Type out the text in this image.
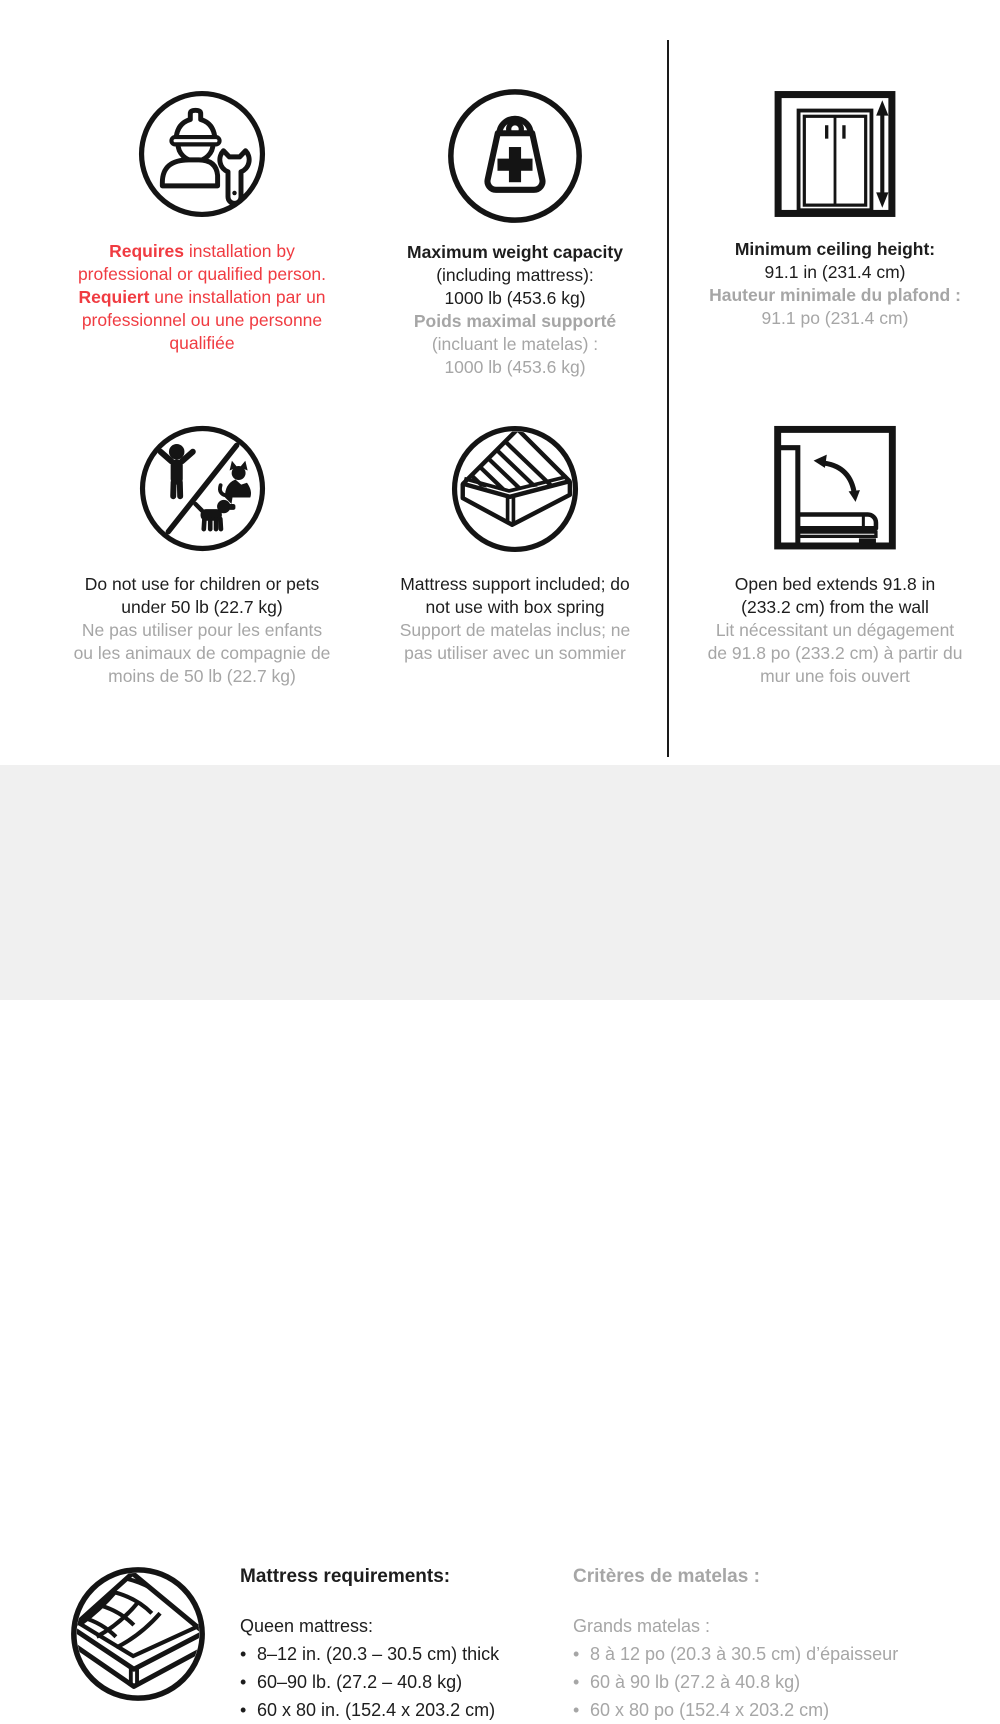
Requires installation by
professional or qualified person.
Requiert une installation par un
professionnel ou une personne
qualifiée
Maximum weight capacity
(including mattress):
1000 lb (453.6 kg)
Poids maximal supporté
(incluant le matelas) :
1000 lb (453.6 kg)
Minimum ceiling height:
91.1 in (231.4 cm)
Hauteur minimale du plafond :
91.1 po (231.4 cm)
Do not use for children or pets
under 50 lb (22.7 kg)
Ne pas utiliser pour les enfants
ou les animaux de compagnie de
moins de 50 lb (22.7 kg)
Mattress support included; do
not use with box spring
Support de matelas inclus; ne
pas utiliser avec un sommier
Open bed extends 91.8 in
(233.2 cm) from the wall
Lit nécessitant un dégagement
de 91.8 po (233.2 cm) à partir du
mur une fois ouvert
Mattress requirements:
Queen mattress:
• 8–12 in. (20.3 – 30.5 cm) thick
• 60–90 lb. (27.2 – 40.8 kg)
• 60 x 80 in. (152.4 x 203.2 cm)
Critères de matelas :
Grands matelas :
• 8 à 12 po (20.3 à 30.5 cm) d’épaisseur
• 60 à 90 lb (27.2 à 40.8 kg)
• 60 x 80 po (152.4 x 203.2 cm)
